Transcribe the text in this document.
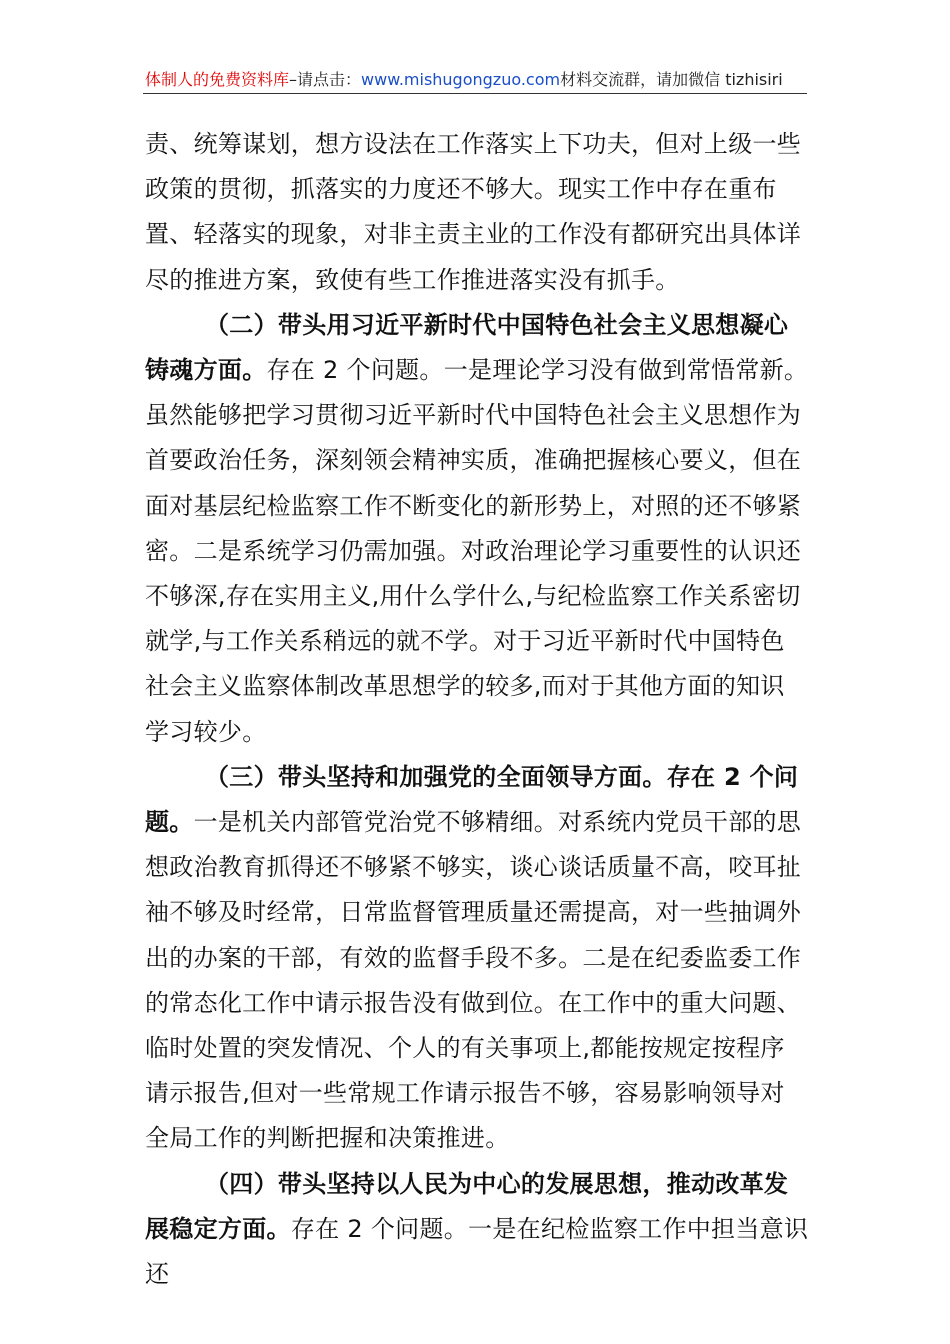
体制人的免费资料库–请点击：www.mishugongzuo.com材料交流群，请加微信 tizhisiri

责、统筹谋划，想方设法在工作落实上下功夫，但对上级一些政策的贯彻，抓落实的力度还不够大。现实工作中存在重布置、轻落实的现象，对非主责主业的工作没有都研究出具体详尽的推进方案，致使有些工作推进落实没有抓手。

（二）带头用习近平新时代中国特色社会主义思想凝心铸魂方面。存在 2 个问题。一是理论学习没有做到常悟常新。虽然能够把学习贯彻习近平新时代中国特色社会主义思想作为首要政治任务，深刻领会精神实质，准确把握核心要义，但在面对基层纪检监察工作不断变化的新形势上，对照的还不够紧密。二是系统学习仍需加强。对政治理论学习重要性的认识还不够深,存在实用主义,用什么学什么,与纪检监察工作关系密切就学,与工作关系稍远的就不学。对于习近平新时代中国特色社会主义监察体制改革思想学的较多,而对于其他方面的知识学习较少。

（三）带头坚持和加强党的全面领导方面。存在 2 个问题。一是机关内部管党治党不够精细。对系统内党员干部的思想政治教育抓得还不够紧不够实，谈心谈话质量不高，咬耳扯袖不够及时经常，日常监督管理质量还需提高，对一些抽调外出的办案的干部，有效的监督手段不多。二是在纪委监委工作的常态化工作中请示报告没有做到位。在工作中的重大问题、临时处置的突发情况、个人的有关事项上,都能按规定按程序请示报告,但对一些常规工作请示报告不够，容易影响领导对全局工作的判断把握和决策推进。

（四）带头坚持以人民为中心的发展思想，推动改革发展稳定方面。存在 2 个问题。一是在纪检监察工作中担当意识还
